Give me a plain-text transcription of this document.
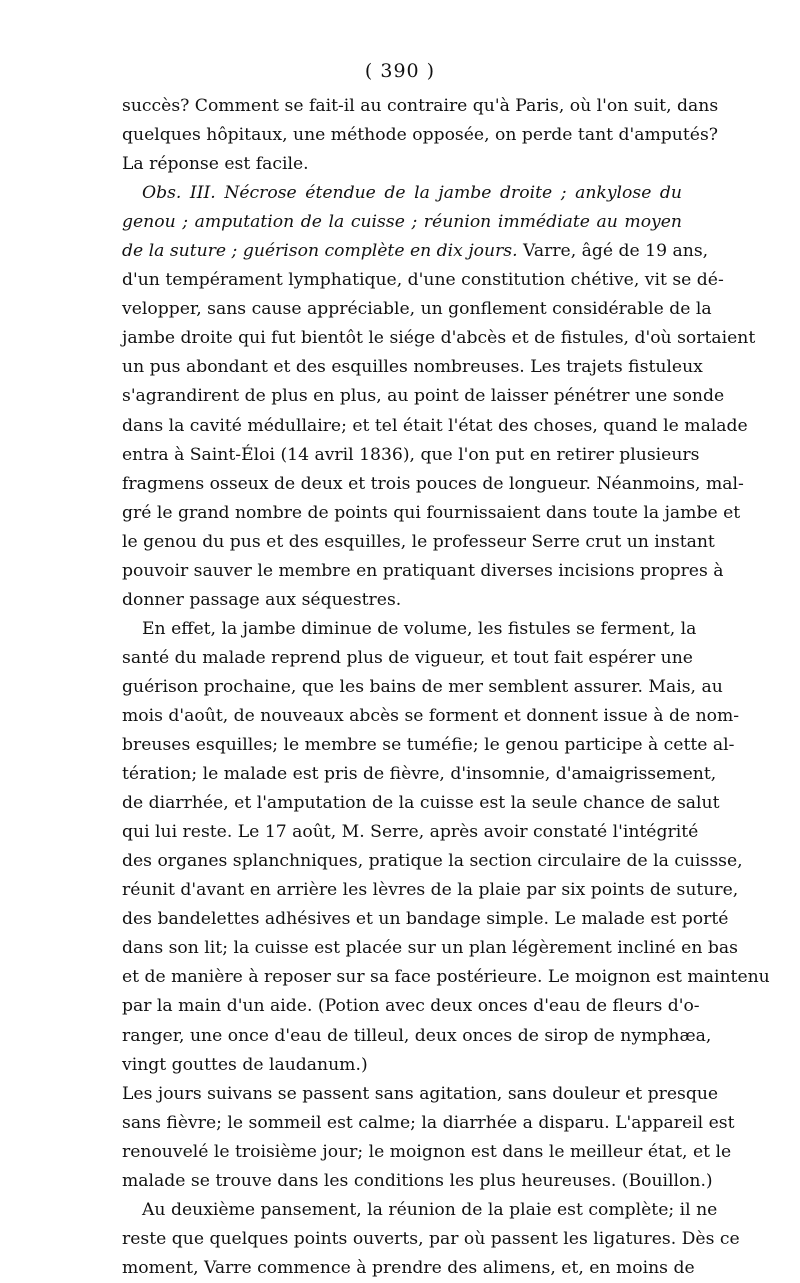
( 390 )
succès? Comment se fait-il au contraire qu'à Paris, où l'on suit, dans
quelques hôpitaux, une méthode opposée, on perde tant d'amputés?
La réponse est facile.
Obs. III. Nécrose étendue de la jambe droite ; ankylose du
genou ; amputation de la cuisse ; réunion immédiate au moyen
de la suture ; guérison complète en dix jours. Varre, âgé de 19 ans,
d'un tempérament lymphatique, d'une constitution chétive, vit se dé-
velopper, sans cause appréciable, un gonflement considérable de la
jambe droite qui fut bientôt le siége d'abcès et de fistules, d'où sortaient
un pus abondant et des esquilles nombreuses. Les trajets fistuleux
s'agrandirent de plus en plus, au point de laisser pénétrer une sonde
dans la cavité médullaire; et tel était l'état des choses, quand le malade
entra à Saint-Éloi (14 avril 1836), que l'on put en retirer plusieurs
fragmens osseux de deux et trois pouces de longueur. Néanmoins, mal-
gré le grand nombre de points qui fournissaient dans toute la jambe et
le genou du pus et des esquilles, le professeur Serre crut un instant
pouvoir sauver le membre en pratiquant diverses incisions propres à
donner passage aux séquestres.
En effet, la jambe diminue de volume, les fistules se ferment, la
santé du malade reprend plus de vigueur, et tout fait espérer une
guérison prochaine, que les bains de mer semblent assurer. Mais, au
mois d'août, de nouveaux abcès se forment et donnent issue à de nom-
breuses esquilles; le membre se tuméfie; le genou participe à cette al-
tération; le malade est pris de fièvre, d'insomnie, d'amaigrissement,
de diarrhée, et l'amputation de la cuisse est la seule chance de salut
qui lui reste. Le 17 août, M. Serre, après avoir constaté l'intégrité
des organes splanchniques, pratique la section circulaire de la cuissse,
réunit d'avant en arrière les lèvres de la plaie par six points de suture,
des bandelettes adhésives et un bandage simple. Le malade est porté
dans son lit; la cuisse est placée sur un plan légèrement incliné en bas
et de manière à reposer sur sa face postérieure. Le moignon est maintenu
par la main d'un aide. (Potion avec deux onces d'eau de fleurs d'o-
ranger, une once d'eau de tilleul, deux onces de sirop de nymphæa,
vingt gouttes de laudanum.)
Les jours suivans se passent sans agitation, sans douleur et presque
sans fièvre; le sommeil est calme; la diarrhée a disparu. L'appareil est
renouvelé le troisième jour; le moignon est dans le meilleur état, et le
malade se trouve dans les conditions les plus heureuses. (Bouillon.)
Au deuxième pansement, la réunion de la plaie est complète; il ne
reste que quelques points ouverts, par où passent les ligatures. Dès ce
moment, Varre commence à prendre des alimens, et, en moins de
